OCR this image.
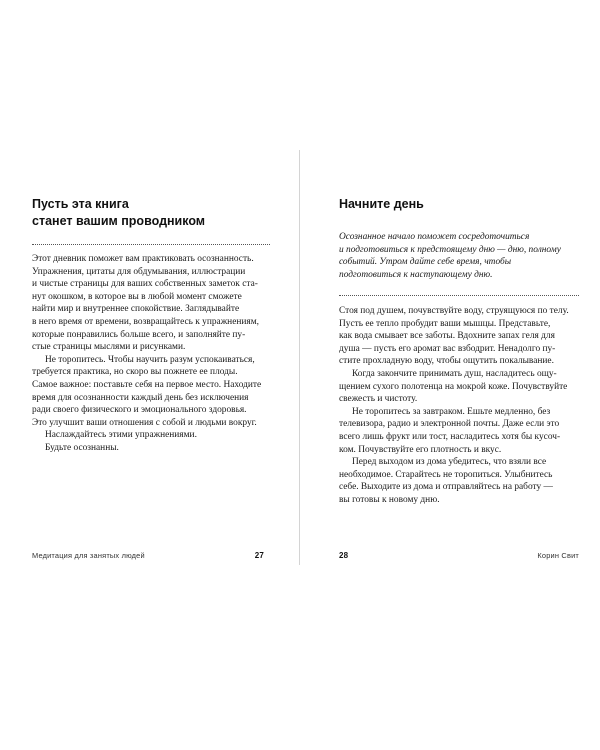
Пусть эта книга
станет вашим проводником
Этот дневник поможет вам практиковать осознанность.
Упражнения, цитаты для обдумывания, иллюстрации
и чистые страницы для ваших собственных заметок ста-
нут окошком, в которое вы в любой момент сможете
найти мир и внутреннее спокойствие. Заглядывайте
в него время от времени, возвращайтесь к упражнениям,
которые понравились больше всего, и заполняйте пу-
стые страницы мыслями и рисунками.
Не торопитесь. Чтобы научить разум успокаиваться,
требуется практика, но скоро вы пожнете ее плоды.
Самое важное: поставьте себя на первое место. Находите
время для осознанности каждый день без исключения
ради своего физического и эмоционального здоровья.
Это улучшит ваши отношения с собой и людьми вокруг.
Наслаждайтесь этими упражнениями.
Будьте осознанны.
Медитация для занятых людей	27
Начните день
Осознанное начало поможет сосредоточиться
и подготовиться к предстоящему дню — дню, полному
событий. Утром дайте себе время, чтобы
подготовиться к наступающему дню.
Стоя под душем, почувствуйте воду, струящуюся по телу.
Пусть ее тепло пробудит ваши мышцы. Представьте,
как вода смывает все заботы. Вдохните запах геля для
душа — пусть его аромат вас взбодрит. Ненадолго пу-
стите прохладную воду, чтобы ощутить покалывание.
Когда закончите принимать душ, насладитесь ощу-
щением сухого полотенца на мокрой коже. Почувствуйте
свежесть и чистоту.
Не торопитесь за завтраком. Ешьте медленно, без
телевизора, радио и электронной почты. Даже если это
всего лишь фрукт или тост, насладитесь хотя бы кусоч-
ком. Почувствуйте его плотность и вкус.
Перед выходом из дома убедитесь, что взяли все
необходимое. Старайтесь не торопиться. Улыбнитесь
себе. Выходите из дома и отправляйтесь на работу —
вы готовы к новому дню.
28	Корин Свит
